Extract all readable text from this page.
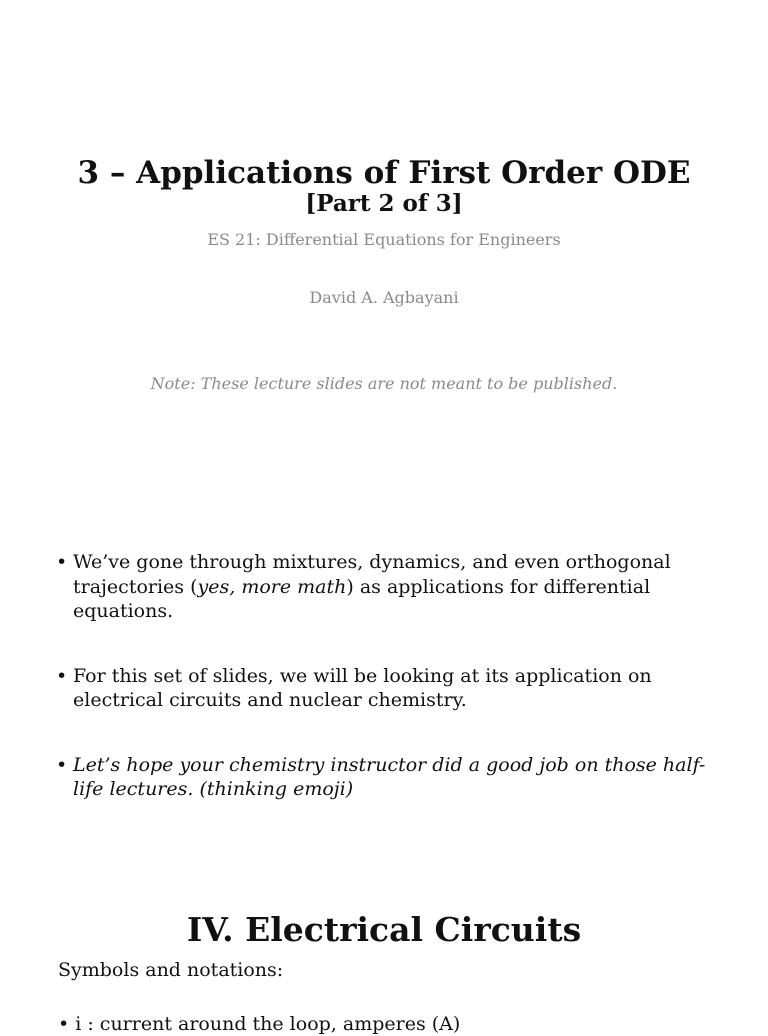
3 – Applications of First Order ODE
[Part 2 of 3]
ES 21: Differential Equations for Engineers
David A. Agbayani
Note: These lecture slides are not meant to be published.
• We’ve gone through mixtures, dynamics, and even orthogonal trajectories (yes, more math) as applications for differential equations.
• For this set of slides, we will be looking at its application on electrical circuits and nuclear chemistry.
• Let’s hope your chemistry instructor did a good job on those half-life lectures. (thinking emoji)
IV. Electrical Circuits
Symbols and notations:
• i : current around the loop, amperes (A)
